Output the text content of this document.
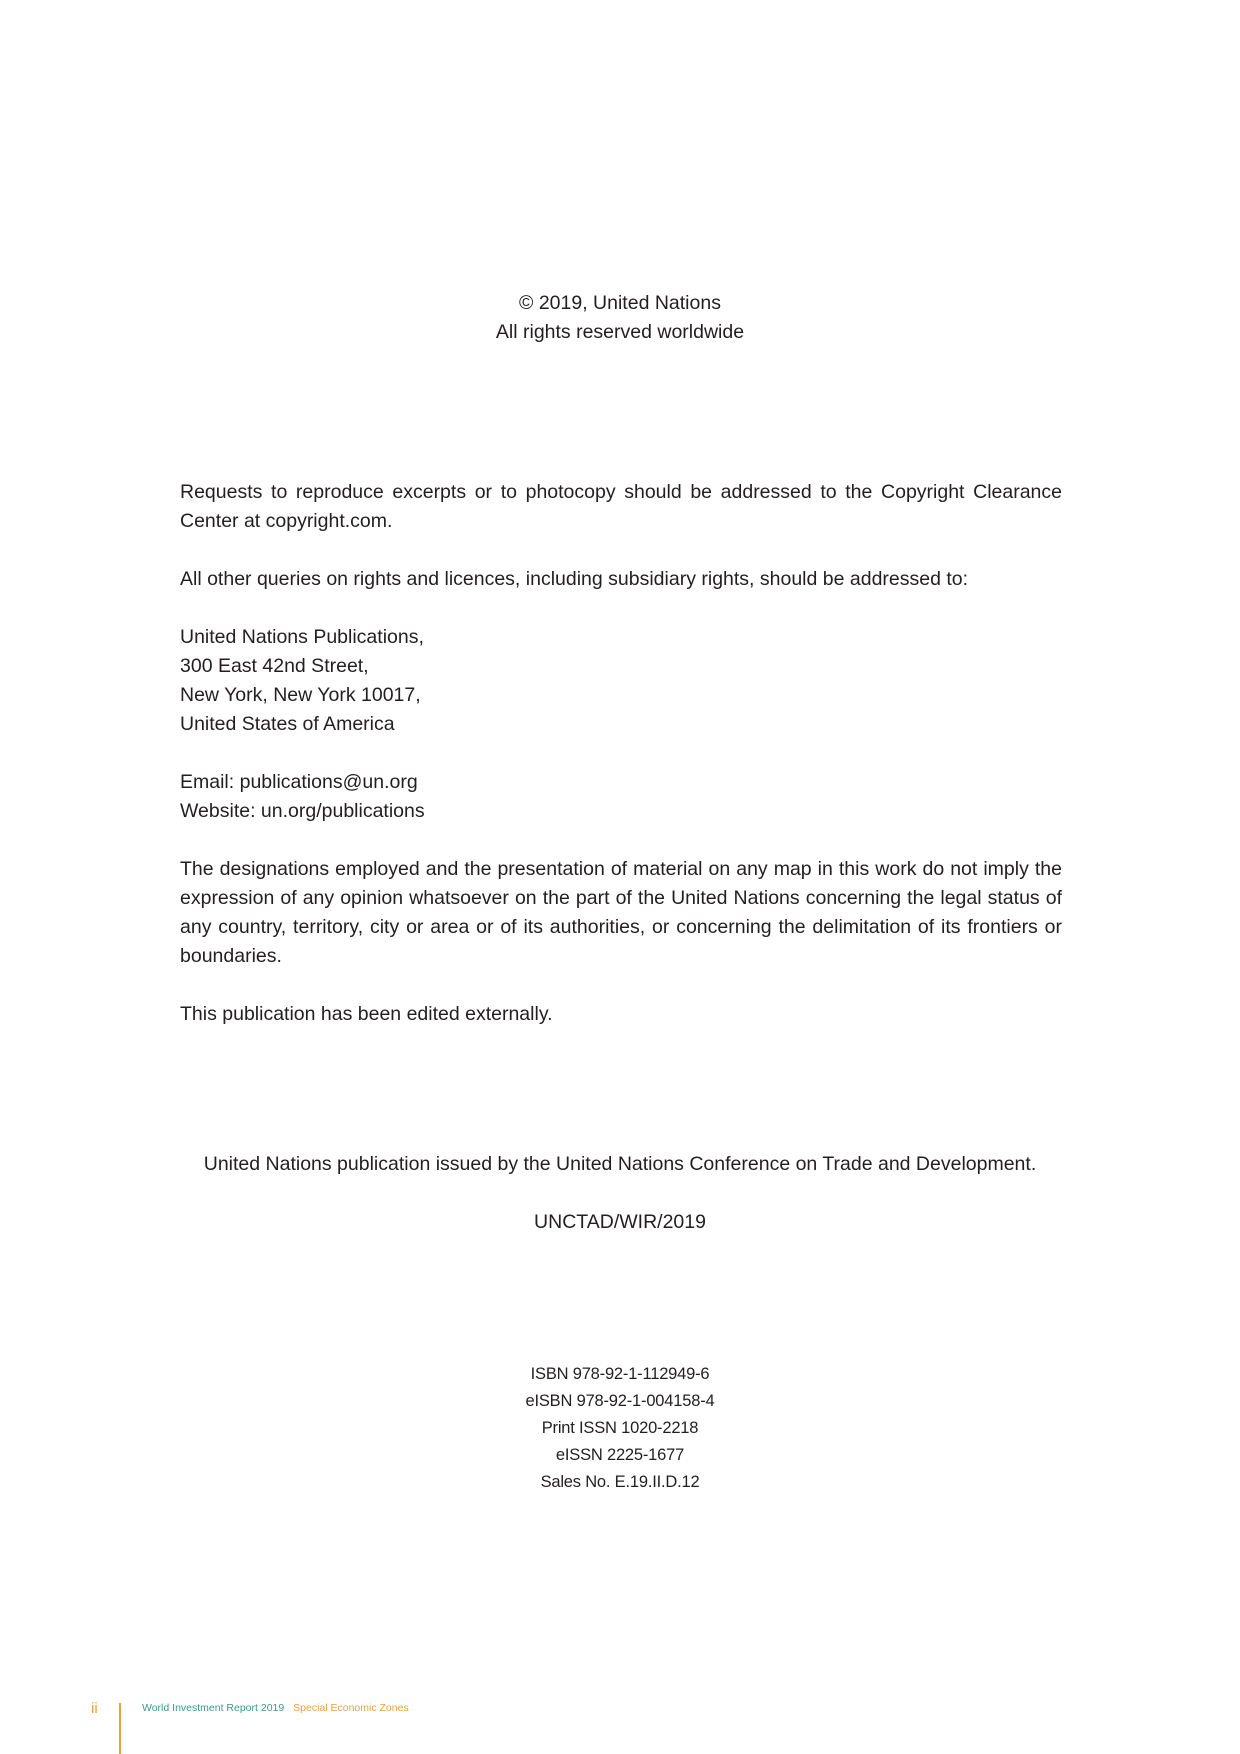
© 2019, United Nations
All rights reserved worldwide

Requests to reproduce excerpts or to photocopy should be addressed to the Copyright Clearance Center at copyright.com.

All other queries on rights and licences, including subsidiary rights, should be addressed to:

United Nations Publications,

300 East 42nd Street,

New York, New York 10017,

United States of America

Email: publications@un.org

Website: un.org/publications

The designations employed and the presentation of material on any map in this work do not imply the expression of any opinion whatsoever on the part of the United Nations concerning the legal status of any country, territory, city or area or of its authorities, or concerning the delimitation of its frontiers or boundaries.

This publication has been edited externally.

United Nations publication issued by the United Nations Conference on Trade and Development.
UNCTAD/WIR/2019
ISBN 978-92-1-112949-6
eISBN 978-92-1-004158-4
Print ISSN 1020-2218
eISSN 2225-1677
Sales No. E.19.II.D.12
ii	World Investment Report 2019 Special Economic Zones
